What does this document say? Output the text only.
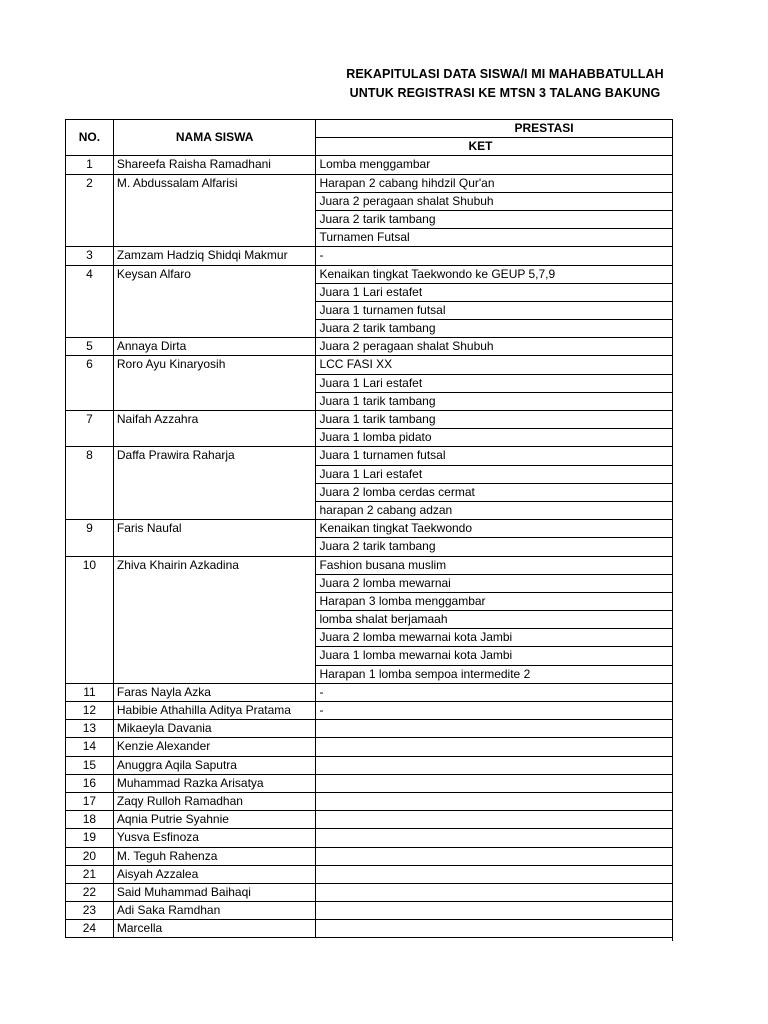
REKAPITULASI DATA SISWA/I MI MAHABBATULLAH
UNTUK REGISTRASI KE MTSN 3 TALANG BAKUNG
NO.	NAMA SISWA	PRESTASI
		KET
1	Shareefa Raisha Ramadhani	Lomba menggambar
2	M. Abdussalam Alfarisi	Harapan 2 cabang hihdzil Qur'an
		Juara 2 peragaan shalat Shubuh
		Juara 2 tarik tambang
		Turnamen Futsal
3	Zamzam Hadziq Shidqi Makmur	-
4	Keysan Alfaro	Kenaikan tingkat Taekwondo ke GEUP 5,7,9
		Juara 1 Lari estafet
		Juara 1 turnamen futsal
		Juara 2 tarik tambang
5	Annaya Dirta	Juara 2 peragaan shalat Shubuh
6	Roro Ayu Kinaryosih	LCC FASI XX
		Juara 1 Lari estafet
		Juara 1 tarik tambang
7	Naifah Azzahra	Juara 1 tarik tambang
		Juara 1 lomba pidato
8	Daffa Prawira Raharja	Juara 1 turnamen futsal
		Juara 1 Lari estafet
		Juara 2 lomba cerdas cermat
		harapan 2 cabang adzan
9	Faris Naufal	Kenaikan tingkat Taekwondo
		Juara 2 tarik tambang
10	Zhiva Khairin Azkadina	Fashion busana muslim
		Juara 2 lomba mewarnai
		Harapan 3 lomba menggambar
		lomba shalat berjamaah
		Juara 2 lomba mewarnai kota Jambi
		Juara 1 lomba mewarnai kota Jambi
		Harapan 1 lomba sempoa intermedite 2
11	Faras Nayla Azka	-
12	Habibie Athahilla Aditya Pratama	-
13	Mikaeyla Davania	
14	Kenzie Alexander	
15	Anuggra Aqila Saputra	
16	Muhammad Razka Arisatya	
17	Zaqy Rulloh Ramadhan	
18	Aqnia Putrie Syahnie	
19	Yusva Esfinoza	
20	M. Teguh Rahenza	
21	Aisyah Azzalea	
22	Said Muhammad Baihaqi	
23	Adi Saka Ramdhan	
24	Marcella	
